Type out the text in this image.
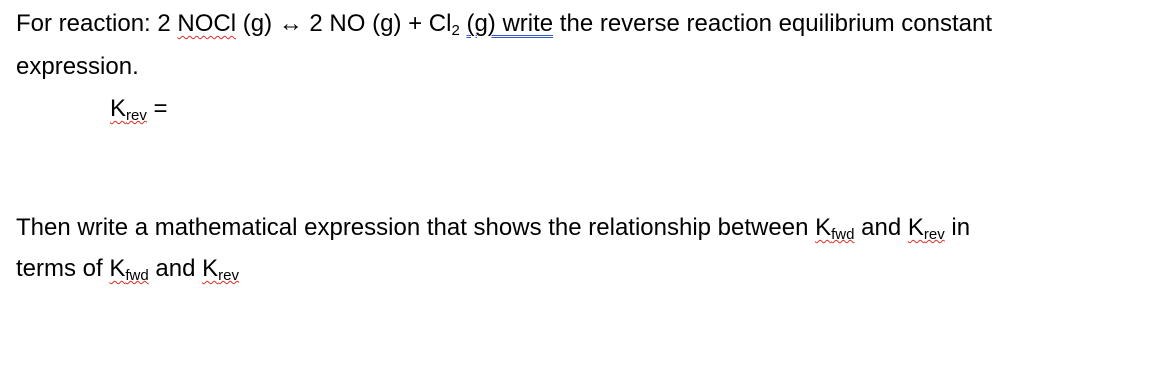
For reaction: 2 NOCl (g) ↔ 2 NO $(g) + Cl_2$ (g) write the reverse reaction equilibrium constant
expression.
$K_{rev}$ =
Then write a mathematical expression that shows the relationship between $K_{fwd}$ and $K_{rev}$ in
terms of $K_{fwd}$ and $K_{rev}$
